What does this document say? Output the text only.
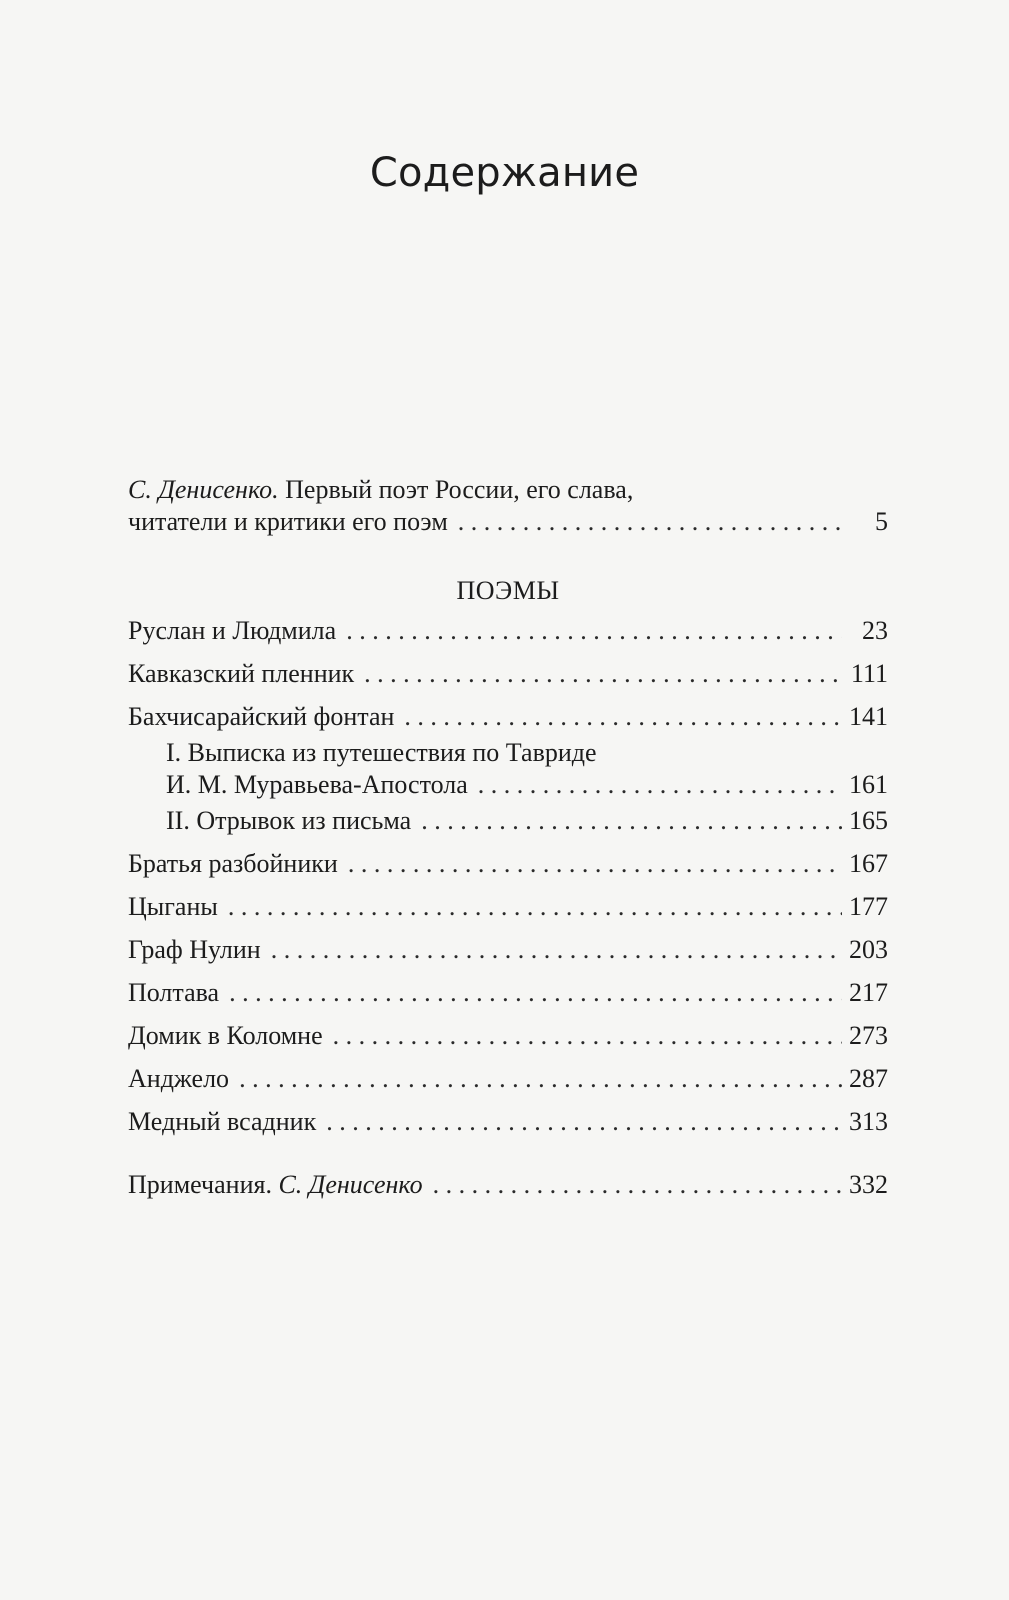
Содержание
С. Денисенко. Первый поэт России, его слава,
читатели и критики его поэм . . .	5
ПОЭМЫ
Руслан и Людмила . . .	23
Кавказский пленник . . .	111
Бахчисарайский фонтан . . .	141
I. Выписка из путешествия по Тавриде
И. М. Муравьева-Апостола . . .	161
II. Отрывок из письма . . .	165
Братья разбойники . . .	167
Цыганы . . .	177
Граф Нулин . . .	203
Полтава . . .	217
Домик в Коломне . . .	273
Анджело . . .	287
Медный всадник . . .	313
Примечания. С. Денисенко . . .	332
